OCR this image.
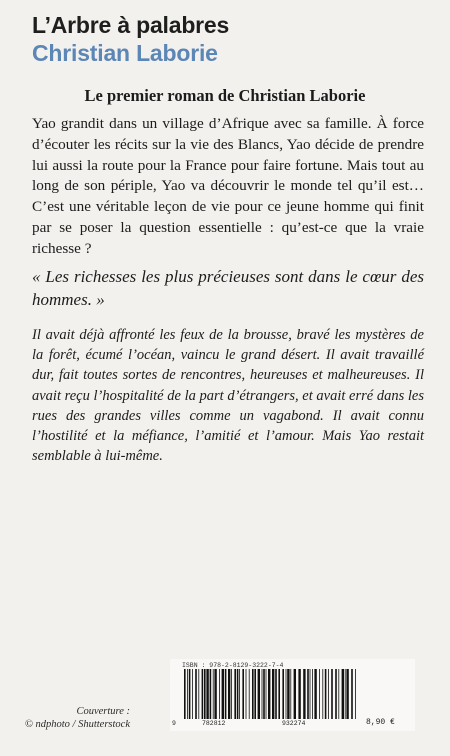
L’Arbre à palabres
Christian Laborie
Le premier roman de Christian Laborie

Yao grandit dans un village d’Afrique avec sa famille. À force d’écouter les récits sur la vie des Blancs, Yao décide de prendre lui aussi la route pour la France pour faire fortune. Mais tout au long de son périple, Yao va découvrir le monde tel qu’il est… C’est une véritable leçon de vie pour ce jeune homme qui finit par se poser la question essentielle : qu’est-ce que la vraie richesse ?

« Les richesses les plus précieuses sont dans le cœur des hommes. »

Il avait déjà affronté les feux de la brousse, bravé les mystères de la forêt, écumé l’océan, vaincu le grand désert. Il avait travaillé dur, fait toutes sortes de rencontres, heureuses et malheureuses. Il avait reçu l’hospitalité de la part d’étrangers, et avait erré dans les rues des grandes villes comme un vagabond. Il avait connu l’hostilité et la méfiance, l’amitié et l’amour. Mais Yao restait semblable à lui-même.

Couverture :
© ndphoto / Shutterstock
ISBN : 978-2-8129-3222-7-4
9	782812	932274	8,90 €
